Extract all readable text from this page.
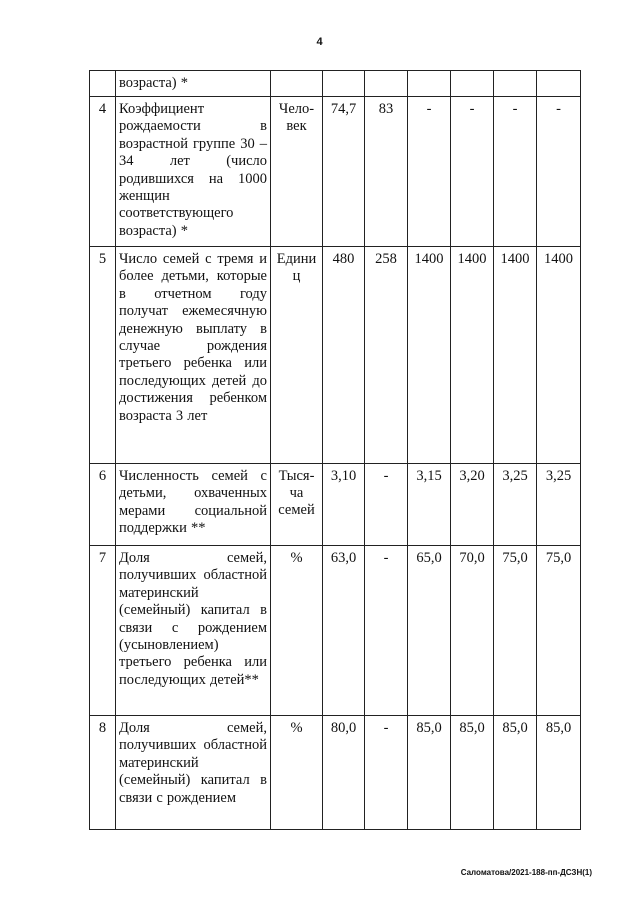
4
	возраста) *							
4	Коэффициент рождаемости в возрастной группе 30 – 34 лет (число родившихся на 1000 женщин соответствующего возраста) *	Чело-век	74,7	83	-	-	-	-
5	Число семей с тремя и более детьми, которые в отчетном году получат ежемесячную денежную выплату в случае рождения третьего ребенка или последующих детей до достижения ребенком возраста 3 лет	Едини ц	480	258	1400	1400	1400	1400
6	Численность семей с детьми, охваченных мерами социальной поддержки **	Тыся-ча семей	3,10	-	3,15	3,20	3,25	3,25
7	Доля семей, получивших областной материнский (семейный) капитал в связи с рождением (усыновлением) третьего ребенка или последующих детей**	%	63,0	-	65,0	70,0	75,0	75,0
8	Доля семей, получивших областной материнский (семейный) капитал в связи с рождением	%	80,0	-	85,0	85,0	85,0	85,0
Саломатова/2021-188-пп-ДСЗН(1)
